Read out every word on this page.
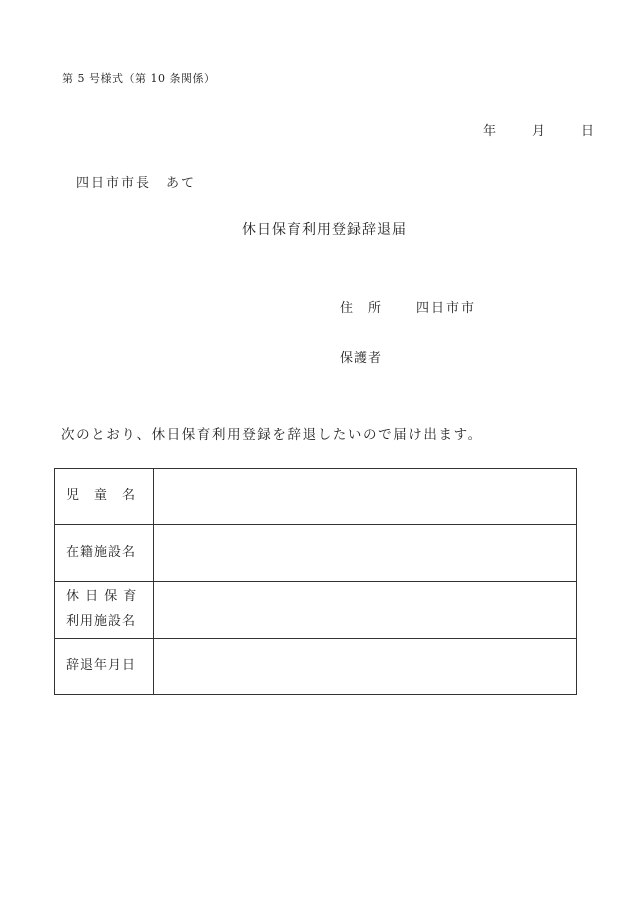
第 5 号様式（第 10 条関係）
年	月	日
四日市市長　あて
休日保育利用登録辞退届
住　所	四日市市
保護者
次のとおり、休日保育利用登録を辞退したいので届け出ます。
児　童　名	
在籍施設名	

休 日 保 育
利用施設名	

辞退年月日	
